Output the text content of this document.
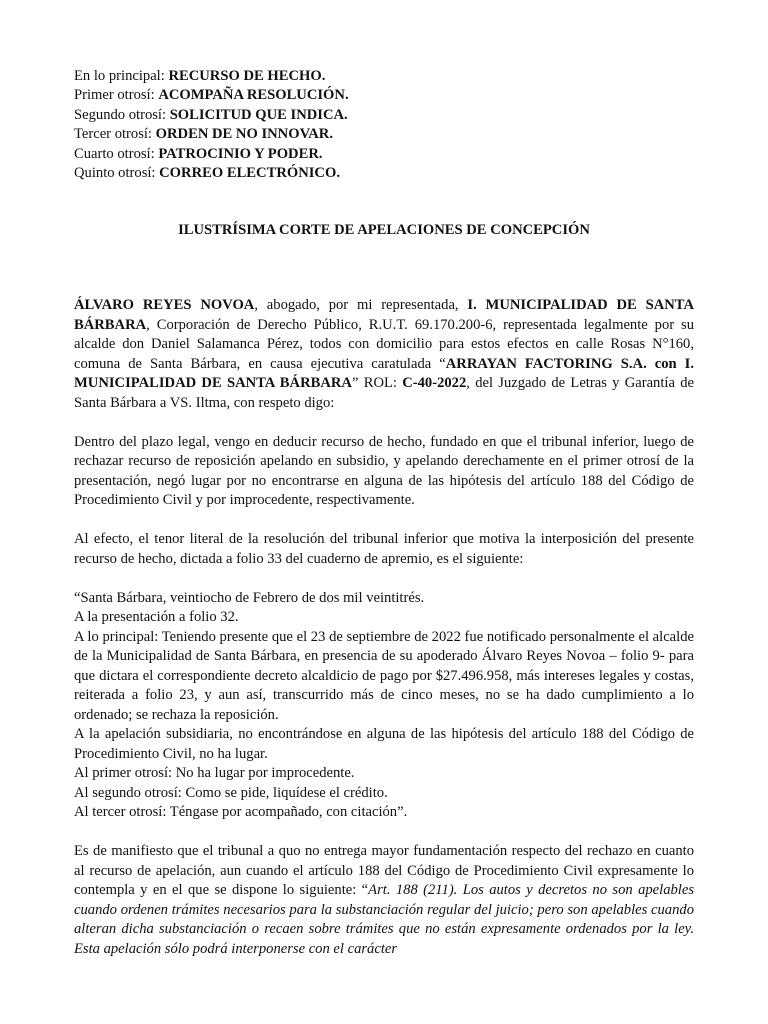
En lo principal: RECURSO DE HECHO.
Primer otrosí: ACOMPAÑA RESOLUCIÓN.
Segundo otrosí: SOLICITUD QUE INDICA.
Tercer otrosí: ORDEN DE NO INNOVAR.
Cuarto otrosí: PATROCINIO Y PODER.
Quinto otrosí: CORREO ELECTRÓNICO.
ILUSTRÍSIMA CORTE DE APELACIONES DE CONCEPCIÓN

ÁLVARO REYES NOVOA, abogado, por mi representada, I. MUNICIPALIDAD DE SANTA BÁRBARA, Corporación de Derecho Público, R.U.T. 69.170.200-6, representada legalmente por su alcalde don Daniel Salamanca Pérez, todos con domicilio para estos efectos en calle Rosas N°160, comuna de Santa Bárbara, en causa ejecutiva caratulada “ARRAYAN FACTORING S.A. con I. MUNICIPALIDAD DE SANTA BÁRBARA” ROL: C-40-2022, del Juzgado de Letras y Garantía de Santa Bárbara a VS. Iltma, con respeto digo:

Dentro del plazo legal, vengo en deducir recurso de hecho, fundado en que el tribunal inferior, luego de rechazar recurso de reposición apelando en subsidio, y apelando derechamente en el primer otrosí de la presentación, negó lugar por no encontrarse en alguna de las hipótesis del artículo 188 del Código de Procedimiento Civil y por improcedente, respectivamente.

Al efecto, el tenor literal de la resolución del tribunal inferior que motiva la interposición del presente recurso de hecho, dictada a folio 33 del cuaderno de apremio, es el siguiente:

“Santa Bárbara, veintiocho de Febrero de dos mil veintitrés.
A la presentación a folio 32.
A lo principal: Teniendo presente que el 23 de septiembre de 2022 fue notificado personalmente el alcalde de la Municipalidad de Santa Bárbara, en presencia de su apoderado Álvaro Reyes Novoa – folio 9- para que dictara el correspondiente decreto alcaldicio de pago por $27.496.958, más intereses legales y costas, reiterada a folio 23, y aun así, transcurrido más de cinco meses, no se ha dado cumplimiento a lo ordenado; se rechaza la reposición.
A la apelación subsidiaria, no encontrándose en alguna de las hipótesis del artículo 188 del Código de Procedimiento Civil, no ha lugar.
Al primer otrosí: No ha lugar por improcedente.
Al segundo otrosí: Como se pide, liquídese el crédito.
Al tercer otrosí: Téngase por acompañado, con citación”.

Es de manifiesto que el tribunal a quo no entrega mayor fundamentación respecto del rechazo en cuanto al recurso de apelación, aun cuando el artículo 188 del Código de Procedimiento Civil expresamente lo contempla y en el que se dispone lo siguiente: “Art. 188 (211). Los autos y decretos no son apelables cuando ordenen trámites necesarios para la substanciación regular del juicio; pero son apelables cuando alteran dicha substanciación o recaen sobre trámites que no están expresamente ordenados por la ley. Esta apelación sólo podrá interponerse con el carácter
